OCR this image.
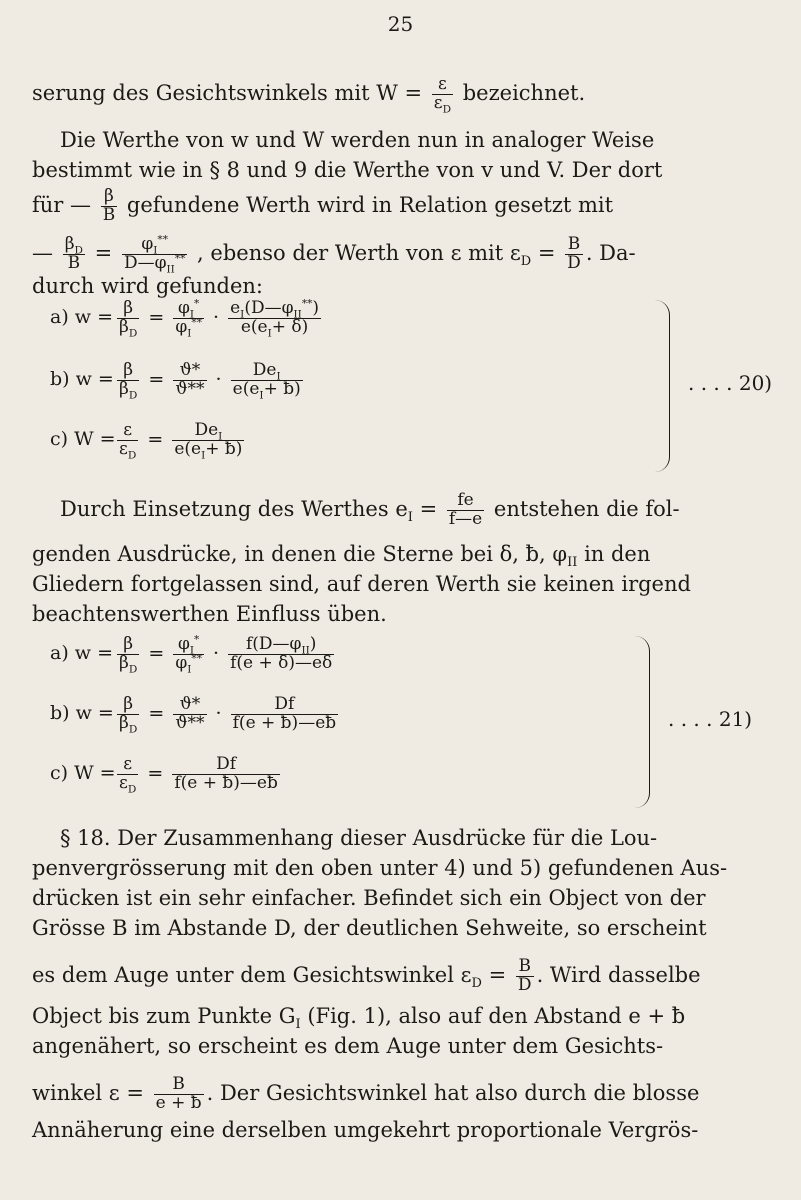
25
serung des Gesichtswinkels mit $W = \frac{\varepsilon}{\varepsilon_D}$ bezeichnet.
Die Werthe von w und W werden nun in analoger Weise
bestimmt wie in § 8 und 9 die Werthe von v und V. Der dort
für — $\frac{\beta}{B}$ gefundene Werth wird in Relation gesetzt mit
— $\frac{\beta_D}{B}$ =	$\varphi_I^{**}$
$D—\varphi_{II}^{**}$ , ebenso der Werth von ε mit $\varepsilon_D = \frac{B}{D}$ . Da-
durch wird gefunden:
a) $w = \frac{\beta}{\beta_D} = \frac{\varphi_I^*}{\varphi_I^{**}}$ · $e_I(D—\varphi_{II}^{**})$
$e(e_I+ \delta)$
b) $w = \frac{\beta}{\beta_D} = \frac{ϑ*}{ϑ**}$ ·	$De_I$
$e(e_I+$ ƀ)
c) $W = \frac{\varepsilon}{\varepsilon_D}$ =	$De_I$
$e(e_I+$ ƀ)
. . . . 20)
Durch Einsetzung des Werthes $e_I = \frac{fe}{f—e}$ entstehen die fol-
genden Ausdrücke, in denen die Sterne bei δ, ƀ, $\varphi_{II}$ in den
Gliedern fortgelassen sind, auf deren Werth sie keinen irgend
beachtenswerthen Einfluss üben.
a) $w = \frac{\beta}{\beta_D} = \frac{\varphi_I^*}{\varphi_I^{**}}$ ·	$f(D—\varphi_{II})$
f(e + δ)—eδ
b) $w = \frac{\beta}{\beta_D} = \frac{ϑ*}{ϑ**} \cdot \frac{Df}{f(e + ƀ)—eƀ}$
c) $W = \frac{\varepsilon}{\varepsilon_D} = \frac{Df}{f(e + ƀ)—eƀ}$
. . . . 21)
§ 18. Der Zusammenhang dieser Ausdrücke für die Lou-
penvergrösserung mit den oben unter 4) und 5) gefundenen Aus-
drücken ist ein sehr einfacher. Befindet sich ein Object von der
Grösse B im Abstande D, der deutlichen Sehweite, so erscheint
es dem Auge unter dem Gesichtswinkel $\varepsilon_D = \frac{B}{D}$ . Wird dasselbe
Object bis zum Punkte $G_I$ (Fig. 1), also auf den Abstand e + ƀ
angenähert, so erscheint es dem Auge unter dem Gesichts-
winkel $\varepsilon = \frac{B}{e + ƀ}$ . Der Gesichtswinkel hat also durch die blosse
Annäherung eine derselben umgekehrt proportionale Vergrös-
